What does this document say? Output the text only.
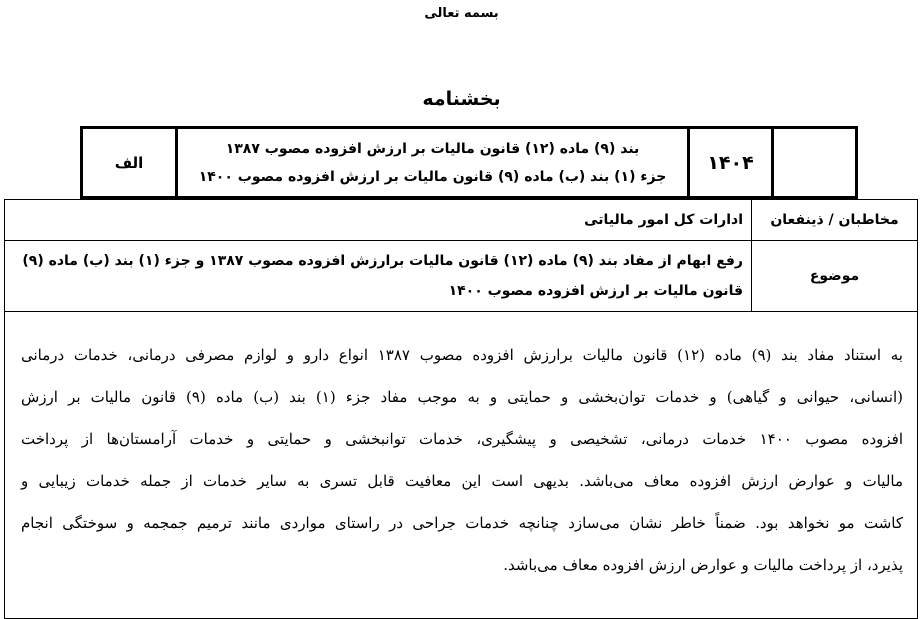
بسمه تعالی
بخشنامه
۱۴۰۴
بند (۹) ماده (۱۲) قانون مالیات بر ارزش افزوده مصوب ۱۳۸۷
جزء (۱) بند (ب) ماده (۹) قانون مالیات بر ارزش افزوده مصوب ۱۴۰۰
الف
مخاطبان / ذینفعان
ادارات کل امور مالیاتی
موضوع
رفع ابهام از مفاد بند (۹) ماده (۱۲) قانون مالیات برارزش افزوده مصوب ۱۳۸۷ و جزء (۱) بند (ب) ماده (۹)
قانون مالیات بر ارزش افزوده مصوب ۱۴۰۰
به استناد مفاد بند (۹) ماده (۱۲) قانون مالیات برارزش افزوده مصوب ۱۳۸۷ انواع دارو و لوازم مصرفی درمانی، خدمات درمانی
(انسانی، حیوانی و گیاهی) و خدمات توان‌بخشی و حمایتی و به موجب مفاد جزء (۱) بند (ب) ماده (۹) قانون مالیات بر ارزش
افزوده مصوب ۱۴۰۰ خدمات درمانی، تشخیصی و پیشگیری، خدمات توانبخشی و حمایتی و خدمات آرامستان‌ها از پرداخت
مالیات و عوارض ارزش افزوده معاف می‌باشد. بدیهی است این معافیت قابل تسری به سایر خدمات از جمله خدمات زیبایی و
کاشت مو نخواهد بود. ضمناً خاطر نشان می‌سازد چنانچه خدمات جراحی در راستای مواردی مانند ترمیم جمجمه و سوختگی انجام
پذیرد، از پرداخت مالیات و عوارض ارزش افزوده معاف می‌باشد.
